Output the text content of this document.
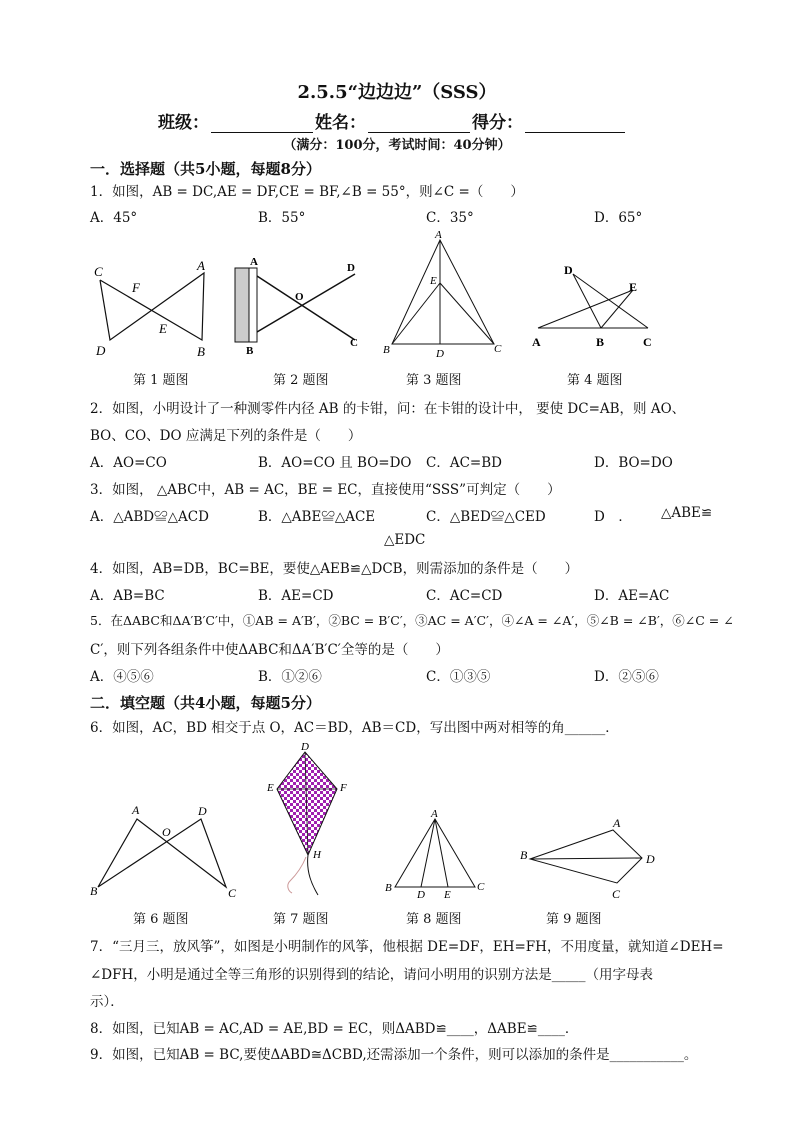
2.5.5“边边边”（SSS）
班级：	姓名：	得分：
（满分：100分，考试时间：40分钟）
一．选择题（共5小题，每题8分）
1．如图，AB = DC,AE = DF,CE = BF,∠B = 55°，则∠C =（　　）
A．45°	B．55°	C．35°	D．65°
C
F
A
D
E
B
A
B
D
O
C
A
E
B	D	C
D
E
A	B	C
第 1 题图	第 2 题图	第 3 题图	第 4 题图
2．如图，小明设计了一种测零件内径 AB 的卡钳，问：在卡钳的设计中， 要使 DC=AB，则 AO、
BO、CO、DO 应满足下列的条件是（　　）
A．AO=CO	B．AO=CO 且 BO=DO C．AC=BD	D．BO=DO
3．如图， △ABC中，AB = AC，BE = EC，直接使用“SSS”可判定（　　）
A．△ABD≌△ACD	B．△ABE≌△ACE	C．△BED≌△CED	D　． △ABE≌
△EDC
4．如图，AB=DB，BC=BE，要使△AEB≌△DCB，则需添加的条件是（　　）
A．AB=BC	B．AE=CD	C．AC=CD	D．AE=AC
5．在ΔABC和ΔA′B′C′中，①AB = A′B′，②BC = B′C′，③AC = A′C′，④∠A = ∠A′，⑤∠B = ∠B′，⑥∠C = ∠
C′，则下列各组条件中使ΔABC和ΔA′B′C′全等的是（　　）
A．④⑤⑥	B．①②⑥	C．①③⑤	D．②⑤⑥
二．填空题（共4小题，每题5分）
6．如图，AC，BD 相交于点 O，AC＝BD，AB＝CD，写出图中两对相等的角______．
A
O
D
B	C
D
E	F
H
A
B
D E
C
A
B	D
C
第 6 题图	第 7 题图	第 8 题图	第 9 题图
7．“三月三，放风筝”，如图是小明制作的风筝，他根据 DE=DF，EH=FH，不用度量，就知道∠DEH=
∠DFH，小明是通过全等三角形的识别得到的结论，请问小明用的识别方法是_____（用字母表
示）．
8．如图，已知AB = AC,AD = AE,BD = EC，则ΔABD≌____，ΔABE≌____．
9．如图，已知AB = BC,要使ΔABD≅ΔCBD,还需添加一个条件，则可以添加的条件是___________。
